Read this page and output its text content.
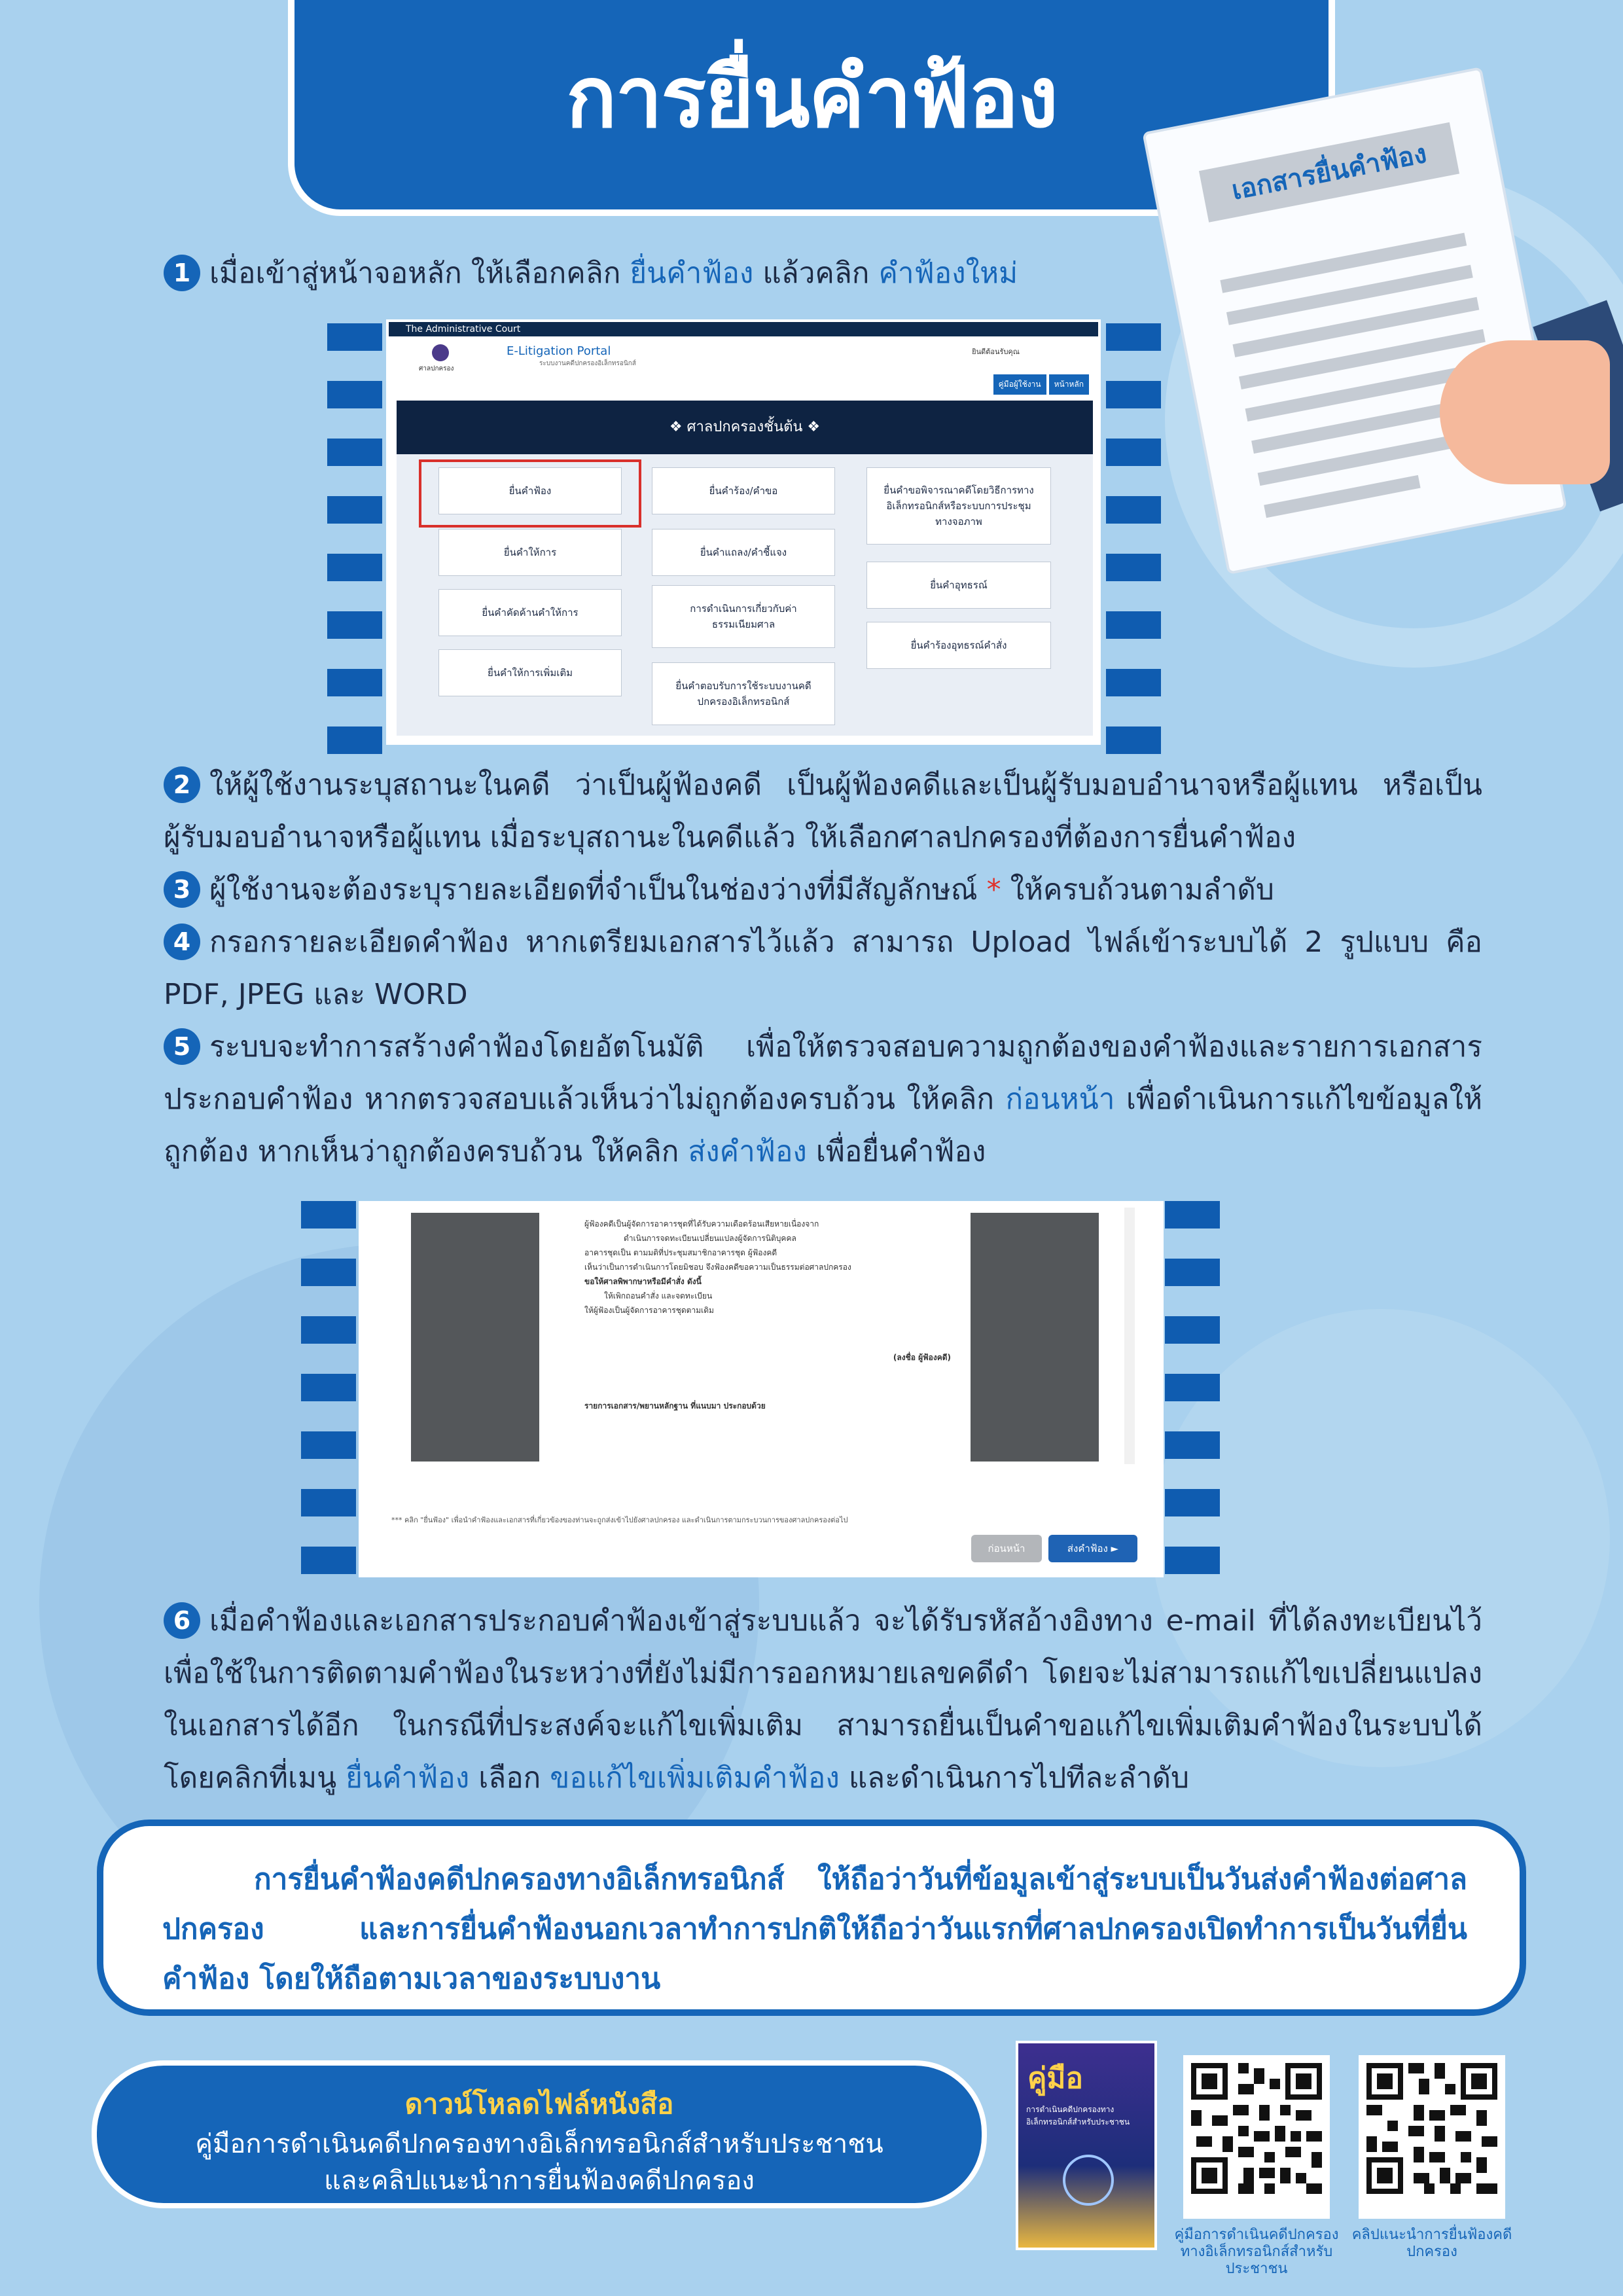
การยื่นคำฟ้อง
เอกสารยื่นคำฟ้อง
1 เมื่อเข้าสู่หน้าจอหลัก ให้เลือกคลิก ยื่นคำฟ้อง แล้วคลิก คำฟ้องใหม่
The Administrative Court
ศาลปกครอง
E-Litigation Portal
ระบบงานคดีปกครองอิเล็กทรอนิกส์
ยินดีต้อนรับคุณ
คู่มือผู้ใช้งาน	หน้าหลัก
❖ ศาลปกครองชั้นต้น ❖
ยื่นคำฟ้อง
ยื่นคำให้การ
ยื่นคำคัดค้านคำให้การ
ยื่นคำให้การเพิ่มเติม
ยื่นคำร้อง/คำขอ
ยื่นคำแถลง/คำชี้แจง
การดำเนินการเกี่ยวกับค่าธรรมเนียมศาล
ยื่นคำตอบรับการใช้ระบบงานคดีปกครองอิเล็กทรอนิกส์
ยื่นคำขอพิจารณาคดีโดยวิธีการทางอิเล็กทรอนิกส์หรือระบบการประชุมทางจอภาพ
ยื่นคำอุทธรณ์
ยื่นคำร้องอุทธรณ์คำสั่ง
2 ให้ผู้ใช้งานระบุสถานะในคดี ว่าเป็นผู้ฟ้องคดี เป็นผู้ฟ้องคดีและเป็นผู้รับมอบอำนาจหรือผู้แทน หรือเป็นผู้รับมอบอำนาจหรือผู้แทน เมื่อระบุสถานะในคดีแล้ว ให้เลือกศาลปกครองที่ต้องการยื่นคำฟ้อง
3 ผู้ใช้งานจะต้องระบุรายละเอียดที่จำเป็นในช่องว่างที่มีสัญลักษณ์ * ให้ครบถ้วนตามลำดับ
4 กรอกรายละเอียดคำฟ้อง หากเตรียมเอกสารไว้แล้ว สามารถ Upload ไฟล์เข้าระบบได้ 2 รูปแบบ คือ PDF, JPEG และ WORD
5 ระบบจะทำการสร้างคำฟ้องโดยอัตโนมัติ เพื่อให้ตรวจสอบความถูกต้องของคำฟ้องและรายการเอกสารประกอบคำฟ้อง หากตรวจสอบแล้วเห็นว่าไม่ถูกต้องครบถ้วน ให้คลิก ก่อนหน้า เพื่อดำเนินการแก้ไขข้อมูลให้ถูกต้อง หากเห็นว่าถูกต้องครบถ้วน ให้คลิก ส่งคำฟ้อง เพื่อยื่นคำฟ้อง
ผู้ฟ้องคดีเป็นผู้จัดการอาคารชุดที่ได้รับความเดือดร้อนเสียหายเนื่องจาก
ดำเนินการจดทะเบียนเปลี่ยนแปลงผู้จัดการนิติบุคคล
อาคารชุดเป็น ตามมติที่ประชุมสมาชิกอาคารชุด ผู้ฟ้องคดี
เห็นว่าเป็นการดำเนินการโดยมิชอบ จึงฟ้องคดีขอความเป็นธรรมต่อศาลปกครอง
ขอให้ศาลพิพากษาหรือมีคำสั่ง ดังนี้
ให้เพิกถอนคำสั่ง และจดทะเบียน
ให้ผู้ฟ้องเป็นผู้จัดการอาคารชุดตามเดิม
(ลงชื่อ ผู้ฟ้องคดี)
รายการเอกสาร/พยานหลักฐาน ที่แนบมา ประกอบด้วย
*** คลิก "ยื่นฟ้อง" เพื่อนำคำฟ้องและเอกสารที่เกี่ยวข้องของท่านจะถูกส่งเข้าไปยังศาลปกครอง และดำเนินการตามกระบวนการของศาลปกครองต่อไป
ก่อนหน้า	ส่งคำฟ้อง ►
6 เมื่อคำฟ้องและเอกสารประกอบคำฟ้องเข้าสู่ระบบแล้ว จะได้รับรหัสอ้างอิงทาง e-mail ที่ได้ลงทะเบียนไว้ เพื่อใช้ในการติดตามคำฟ้องในระหว่างที่ยังไม่มีการออกหมายเลขคดีดำ โดยจะไม่สามารถแก้ไขเปลี่ยนแปลงในเอกสารได้อีก ในกรณีที่ประสงค์จะแก้ไขเพิ่มเติม สามารถยื่นเป็นคำขอแก้ไขเพิ่มเติมคำฟ้องในระบบได้โดยคลิกที่เมนู ยื่นคำฟ้อง เลือก ขอแก้ไขเพิ่มเติมคำฟ้อง และดำเนินการไปทีละลำดับ
การยื่นคำฟ้องคดีปกครองทางอิเล็กทรอนิกส์ ให้ถือว่าวันที่ข้อมูลเข้าสู่ระบบเป็นวันส่งคำฟ้องต่อศาลปกครอง และการยื่นคำฟ้องนอกเวลาทำการปกติให้ถือว่าวันแรกที่ศาลปกครองเปิดทำการเป็นวันที่ยื่นคำฟ้อง โดยให้ถือตามเวลาของระบบงาน
ดาวน์โหลดไฟล์หนังสือ
คู่มือการดำเนินคดีปกครองทางอิเล็กทรอนิกส์สำหรับประชาชน
และคลิปแนะนำการยื่นฟ้องคดีปกครอง
คู่มือ
การดำเนินคดีปกครองทางอิเล็กทรอนิกส์สำหรับประชาชน
คู่มือการดำเนินคดีปกครองทางอิเล็กทรอนิกส์สำหรับประชาชน
คลิปแนะนำการยื่นฟ้องคดีปกครอง
